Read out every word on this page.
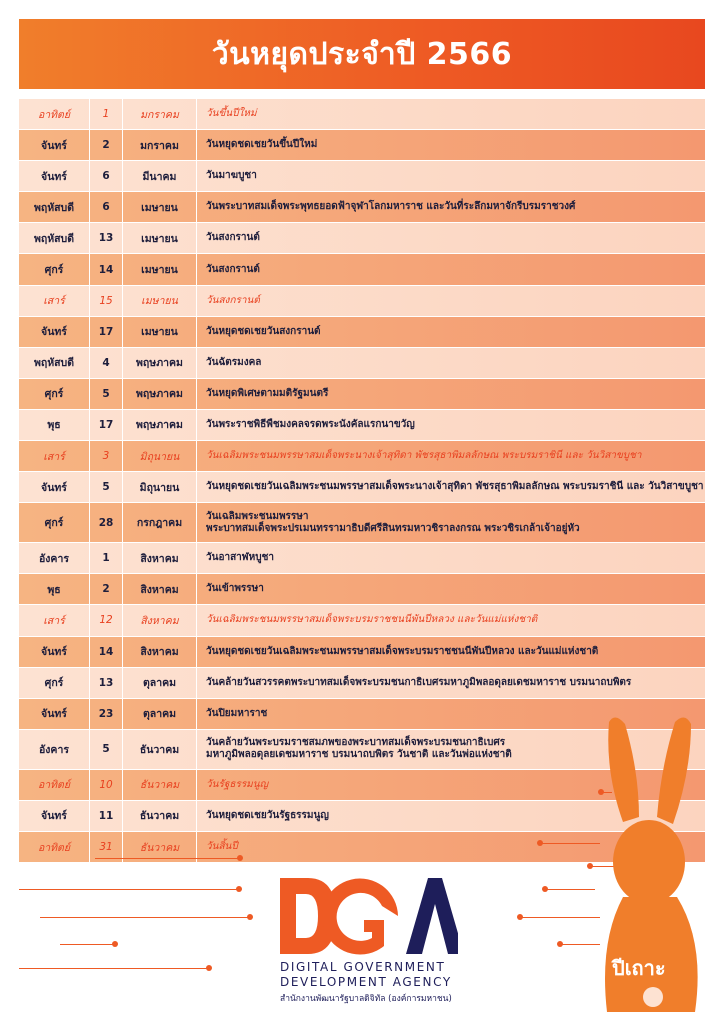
วันหยุดประจำปี 2566
อาทิตย์	1	มกราคม	วันขึ้นปีใหม่
จันทร์	2	มกราคม	วันหยุดชดเชยวันขึ้นปีใหม่
จันทร์	6	มีนาคม	วันมาฆบูชา
พฤหัสบดี	6	เมษายน	วันพระบาทสมเด็จพระพุทธยอดฟ้าจุฬาโลกมหาราช และวันที่ระลึกมหาจักรีบรมราชวงศ์
พฤหัสบดี	13	เมษายน	วันสงกรานต์
ศุกร์	14	เมษายน	วันสงกรานต์
เสาร์	15	เมษายน	วันสงกรานต์
จันทร์	17	เมษายน	วันหยุดชดเชยวันสงกรานต์
พฤหัสบดี	4	พฤษภาคม	วันฉัตรมงคล
ศุกร์	5	พฤษภาคม	วันหยุดพิเศษตามมติรัฐมนตรี
พุธ	17	พฤษภาคม	วันพระราชพิธีพืชมงคลจรดพระนังคัลแรกนาขวัญ
เสาร์	3	มิถุนายน	วันเฉลิมพระชนมพรรษาสมเด็จพระนางเจ้าสุทิดา พัชรสุธาพิมลลักษณ พระบรมราชินี และ วันวิสาขบูชา
จันทร์	5	มิถุนายน	วันหยุดชดเชยวันเฉลิมพระชนมพรรษาสมเด็จพระนางเจ้าสุทิดา พัชรสุธาพิมลลักษณ พระบรมราชินี และ วันวิสาขบูชา
ศุกร์	28	กรกฎาคม
วันเฉลิมพระชนมพรรษา
พระบาทสมเด็จพระปรเมนทรรามาธิบดีศรีสินทรมหาวชิราลงกรณ พระวชิรเกล้าเจ้าอยู่หัว
อังคาร	1	สิงหาคม	วันอาสาฬหบูชา
พุธ	2	สิงหาคม	วันเข้าพรรษา
เสาร์	12	สิงหาคม	วันเฉลิมพระชนมพรรษาสมเด็จพระบรมราชชนนีพันปีหลวง และวันแม่แห่งชาติ
จันทร์	14	สิงหาคม	วันหยุดชดเชยวันเฉลิมพระชนมพรรษาสมเด็จพระบรมราชชนนีพันปีหลวง และวันแม่แห่งชาติ
ศุกร์	13	ตุลาคม	วันคล้ายวันสวรรคตพระบาทสมเด็จพระบรมชนกาธิเบศรมหาภูมิพลอดุลยเดชมหาราช บรมนาถบพิตร
จันทร์	23	ตุลาคม	วันปิยมหาราช
อังคาร	5	ธันวาคม
วันคล้ายวันพระบรมราชสมภพของพระบาทสมเด็จพระบรมชนกาธิเบศร
มหาภูมิพลอดุลยเดชมหาราช บรมนาถบพิตร วันชาติ และวันพ่อแห่งชาติ
อาทิตย์	10	ธันวาคม	วันรัฐธรรมนูญ
จันทร์	11	ธันวาคม	วันหยุดชดเชยวันรัฐธรรมนูญ
อาทิตย์	31	ธันวาคม	วันสิ้นปี
DIGITAL GOVERNMENT
DEVELOPMENT AGENCY
สำนักงานพัฒนารัฐบาลดิจิทัล (องค์การมหาชน)
ปีเถาะ
